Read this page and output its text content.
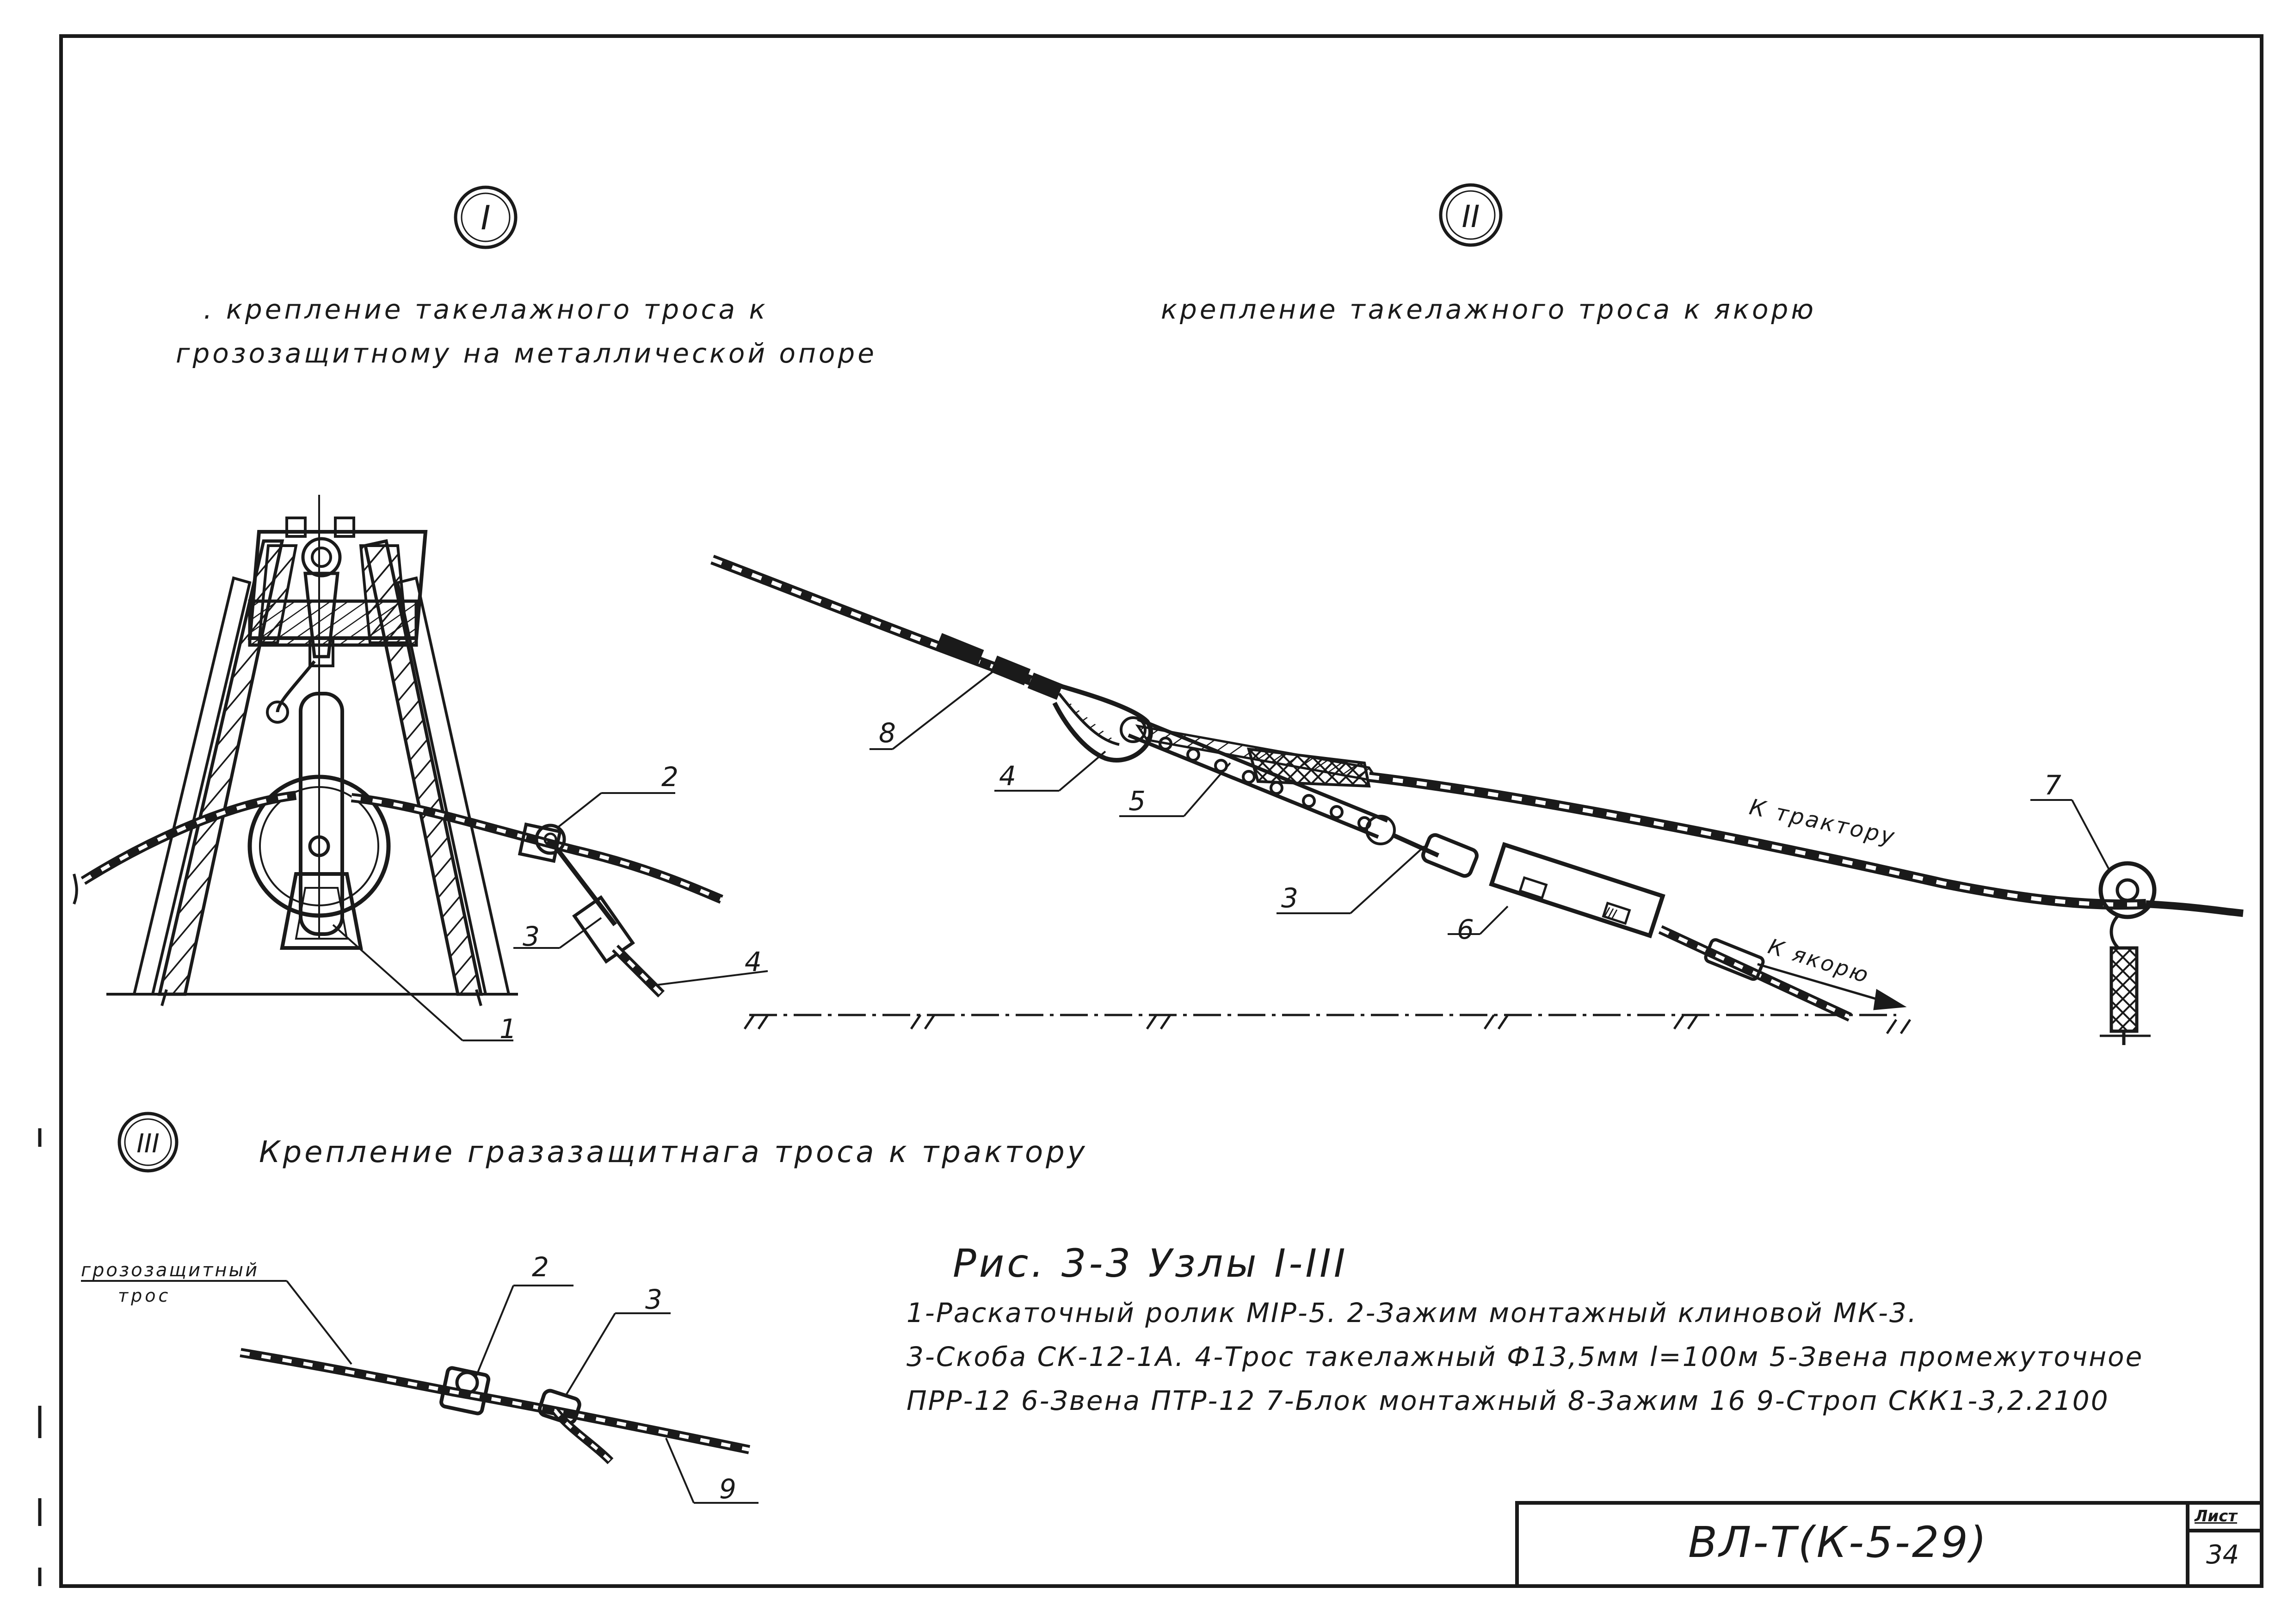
I	II
III
1
2
3
4
8
4
5
3
6
7
III
К трактору
К якорю
грозозащитный
трос
2
3
9
. крепление такелажного троса к
грозозащитному на металлической опоре
крепление такелажного троса к якорю
Крепление гразазащитнага троса к трактору
Рис. 3-3 Узлы I-III
1-Раскаточный ролик МIР-5. 2-Зажим монтажный клиновой МК-3.
3-Скоба СК-12-1А. 4-Трос такелажный Ф13,5мм l=100м 5-Звена промежуточное
ПРР-12 6-Звена ПТР-12 7-Блок монтажный 8-Зажим 16 9-Строп СКК1-3,2.2100
ВЛ-Т(К-5-29)
Лист
34
